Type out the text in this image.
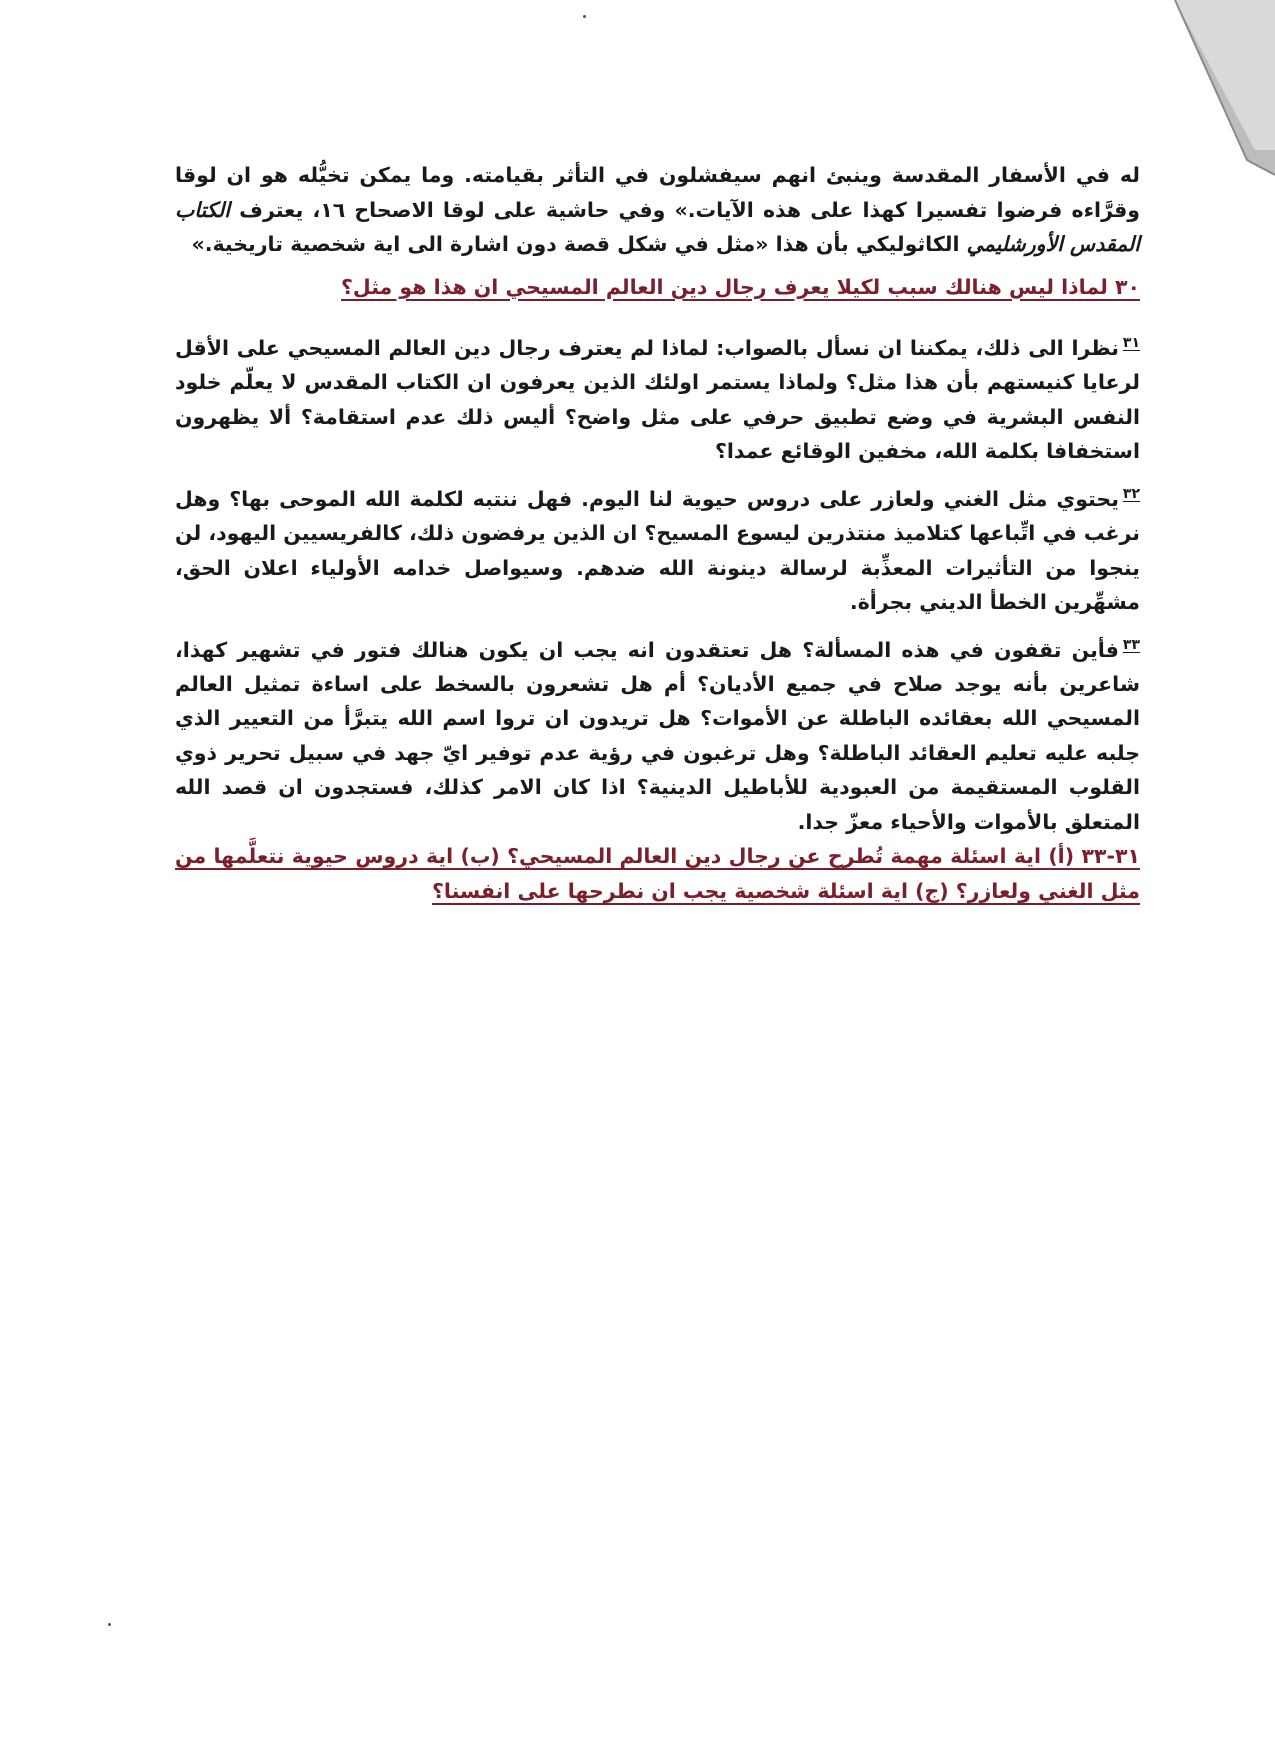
له في الأسفار المقدسة وينبئ انهم سيفشلون في التأثر بقيامته. وما يمكن تخيُّله هو ان لوقا وقرَّاءه فرضوا تفسيرا كهذا على هذه الآيات.» وفي حاشية على لوقا الاصحاح ١٦، يعترف الكتاب المقدس الأورشليمي الكاثوليكي بأن هذا «مثل في شكل قصة دون اشارة الى اية شخصية تاريخية.»

٣٠ لماذا ليس هنالك سبب لكيلا يعرف رجال دين العالم المسيحي ان هذا هو مثل؟

$^{٣١}$نظرا الى ذلك، يمكننا ان نسأل بالصواب: لماذا لم يعترف رجال دين العالم المسيحي على الأقل لرعايا كنيستهم بأن هذا مثل؟ ولماذا يستمر اولئك الذين يعرفون ان الكتاب المقدس لا يعلّم خلود النفس البشرية في وضع تطبيق حرفي على مثل واضح؟ أليس ذلك عدم استقامة؟ ألا يظهرون استخفافا بكلمة الله، مخفين الوقائع عمدا؟

$^{٣٢}$يحتوي مثل الغني ولعازر على دروس حيوية لنا اليوم. فهل ننتبه لكلمة الله الموحى بها؟ وهل نرغب في اتِّباعها كتلاميذ منتذرين ليسوع المسيح؟ ان الذين يرفضون ذلك، كالفريسيين اليهود، لن ينجوا من التأثيرات المعذِّبة لرسالة دينونة الله ضدهم. وسيواصل خدامه الأولياء اعلان الحق، مشهِّرين الخطأ الديني بجرأة.

$^{٣٣}$فأين تقفون في هذه المسألة؟ هل تعتقدون انه يجب ان يكون هنالك فتور في تشهير كهذا، شاعرين بأنه يوجد صلاح في جميع الأديان؟ أم هل تشعرون بالسخط على اساءة تمثيل العالم المسيحي الله بعقائده الباطلة عن الأموات؟ هل تريدون ان تروا اسم الله يتبرَّأ من التعيير الذي جلبه عليه تعليم العقائد الباطلة؟ وهل ترغبون في رؤية عدم توفير ايّ جهد في سبيل تحرير ذوي القلوب المستقيمة من العبودية للأباطيل الدينية؟ اذا كان الامر كذلك، فستجدون ان قصد الله المتعلق بالأموات والأحياء معزّ جدا.

٣١-٣٣ (أ) اية اسئلة مهمة تُطرح عن رجال دين العالم المسيحي؟ (ب) اية دروس حيوية نتعلَّمها من مثل الغني ولعازر؟ (ج) اية اسئلة شخصية يجب ان نطرحها على انفسنا؟
